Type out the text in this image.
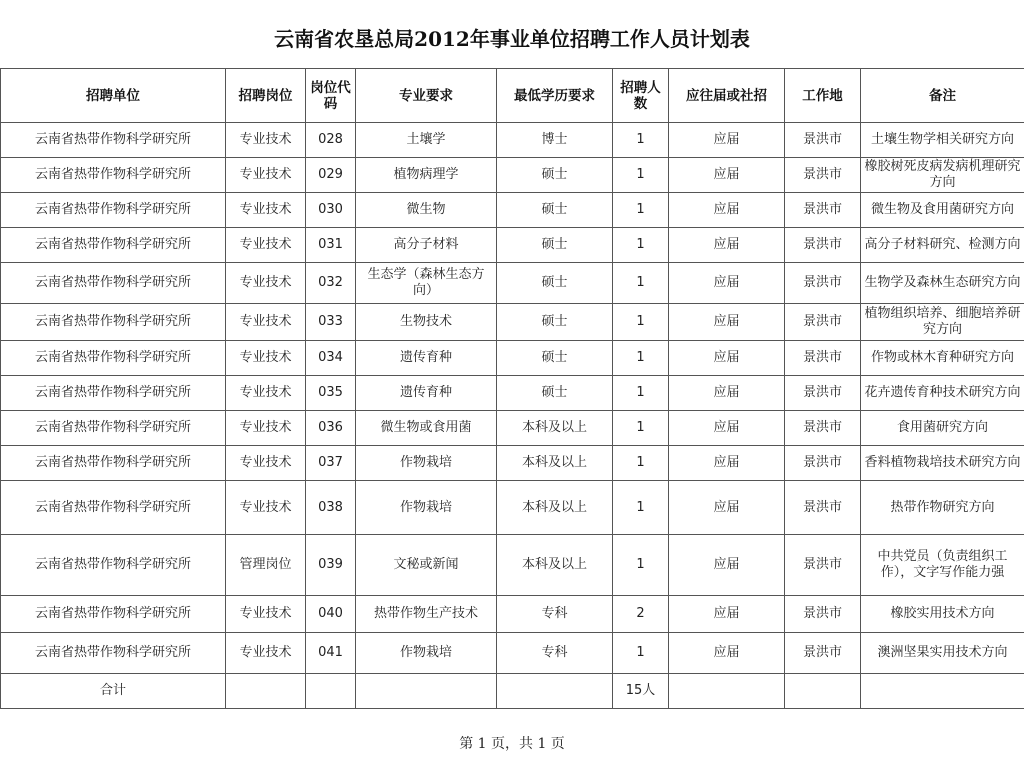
云南省农垦总局2012年事业单位招聘工作人员计划表
招聘单位	招聘岗位	岗位代码	专业要求	最低学历要求	招聘人数	应往届或社招	工作地	备注
云南省热带作物科学研究所	专业技术	028	土壤学	博士	1	应届	景洪市	土壤生物学相关研究方向
云南省热带作物科学研究所	专业技术	029	植物病理学	硕士	1	应届	景洪市	橡胶树死皮病发病机理研究方向
云南省热带作物科学研究所	专业技术	030	微生物	硕士	1	应届	景洪市	微生物及食用菌研究方向
云南省热带作物科学研究所	专业技术	031	高分子材料	硕士	1	应届	景洪市	高分子材料研究、检测方向
云南省热带作物科学研究所	专业技术	032	生态学（森林生态方向）	硕士	1	应届	景洪市	生物学及森林生态研究方向
云南省热带作物科学研究所	专业技术	033	生物技术	硕士	1	应届	景洪市	植物组织培养、细胞培养研究方向
云南省热带作物科学研究所	专业技术	034	遗传育种	硕士	1	应届	景洪市	作物或林木育种研究方向
云南省热带作物科学研究所	专业技术	035	遗传育种	硕士	1	应届	景洪市	花卉遗传育种技术研究方向
云南省热带作物科学研究所	专业技术	036	微生物或食用菌	本科及以上	1	应届	景洪市	食用菌研究方向
云南省热带作物科学研究所	专业技术	037	作物栽培	本科及以上	1	应届	景洪市	香料植物栽培技术研究方向
云南省热带作物科学研究所	专业技术	038	作物栽培	本科及以上	1	应届	景洪市	热带作物研究方向
云南省热带作物科学研究所	管理岗位	039	文秘或新闻	本科及以上	1	应届	景洪市	中共党员（负责组织工作），文字写作能力强
云南省热带作物科学研究所	专业技术	040	热带作物生产技术	专科	2	应届	景洪市	橡胶实用技术方向
云南省热带作物科学研究所	专业技术	041	作物栽培	专科	1	应届	景洪市	澳洲坚果实用技术方向
合计					15人			
第 1 页，共 1 页
